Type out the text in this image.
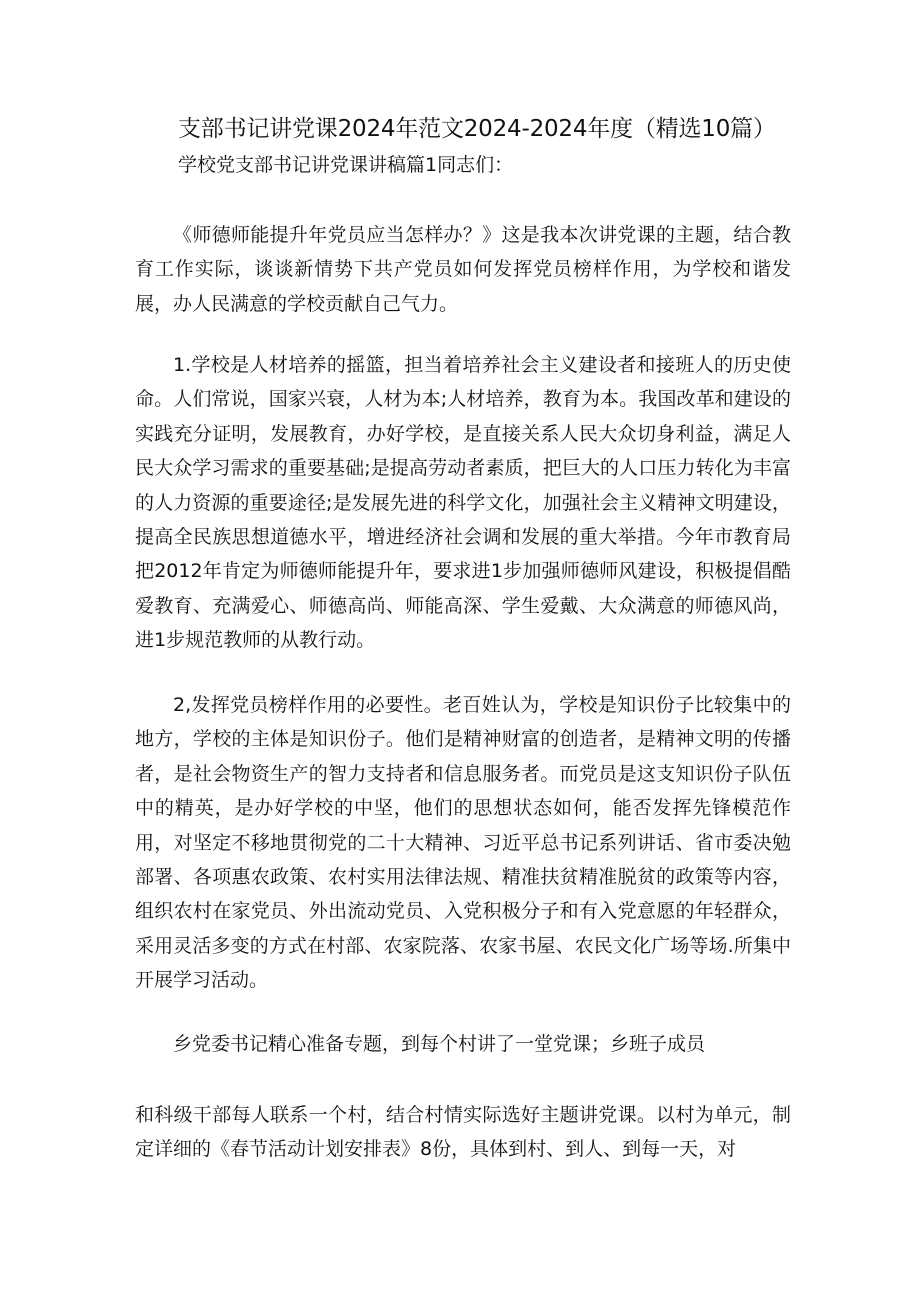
支部书记讲党课2024年范文2024-2024年度（精选10篇）
学校党支部书记讲党课讲稿篇1同志们：

《师德师能提升年党员应当怎样办？》这是我本次讲党课的主题，结合教育工作实际，谈谈新情势下共产党员如何发挥党员榜样作用，为学校和谐发展，办人民满意的学校贡献自己气力。

1.学校是人材培养的摇篮，担当着培养社会主义建设者和接班人的历史使命。人们常说，国家兴衰，人材为本;人材培养，教育为本。我国改革和建设的实践充分证明，发展教育，办好学校，是直接关系人民大众切身利益，满足人民大众学习需求的重要基础;是提高劳动者素质，把巨大的人口压力转化为丰富的人力资源的重要途径;是发展先进的科学文化，加强社会主义精神文明建设，提高全民族思想道德水平，增进经济社会调和发展的重大举措。今年市教育局把2012年肯定为师德师能提升年，要求进1步加强师德师风建设，积极提倡酷爱教育、充满爱心、师德高尚、师能高深、学生爱戴、大众满意的师德风尚，进1步规范教师的从教行动。

2,发挥党员榜样作用的必要性。老百姓认为，学校是知识份子比较集中的地方，学校的主体是知识份子。他们是精神财富的创造者，是精神文明的传播者，是社会物资生产的智力支持者和信息服务者。而党员是这支知识份子队伍中的精英，是办好学校的中坚，他们的思想状态如何，能否发挥先锋模范作用，对坚定不移地贯彻党的二十大精神、习近平总书记系列讲话、省市委决勉部署、各项惠农政策、农村实用法律法规、精准扶贫精准脱贫的政策等内容，组织农村在家党员、外出流动党员、入党积极分子和有入党意愿的年轻群众，采用灵活多变的方式在村部、农家院落、农家书屋、农民文化广场等场.所集中开展学习活动。

乡党委书记精心准备专题，到每个村讲了一堂党课；乡班子成员

和科级干部每人联系一个村，结合村情实际选好主题讲党课。以村为单元，制定详细的《春节活动计划安排表》8份，具体到村、到人、到每一天，对
